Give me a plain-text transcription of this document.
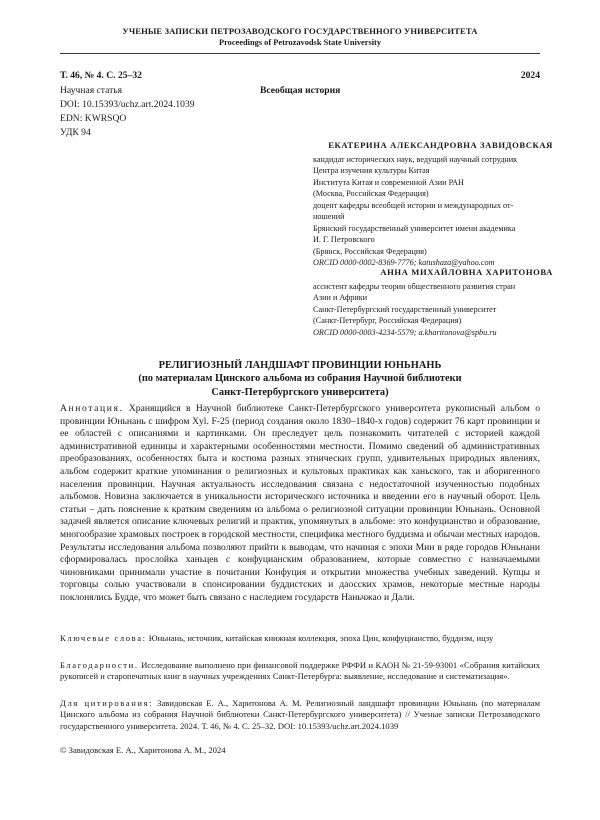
УЧЕНЫЕ ЗАПИСКИ ПЕТРОЗАВОДСКОГО ГОСУДАРСТВЕННОГО УНИВЕРСИТЕТА
Proceedings of Petrozavodsk State University
Т. 46, № 4. С. 25–32	2024
Научная статья	Всеобщая история
DOI: 10.15393/uchz.art.2024.1039
EDN: KWRSQO
УДК 94
ЕКАТЕРИНА АЛЕКСАНДРОВНА ЗАВИДОВСКАЯ
кандидат исторических наук, ведущий научный сотрудник
Центра изучения культуры Китая
Института Китая и современной Азии РАН
(Москва, Российская Федерация)
доцент кафедры всеобщей истории и международных от-
ношений
Брянский государственный университет имени академика
И. Г. Петровского
(Брянск, Российская Федерация)
ORCID 0000-0002-8369-7776; katushaza@yahoo.com
АННА МИХАЙЛОВНА ХАРИТОНОВА
ассистент кафедры теории общественного развития стран
Азии и Африки
Санкт-Петербургский государственный университет
(Санкт-Петербург, Российская Федерация)
ORCID 0000-0003-4234-5579; a.kharitonova@spbu.ru
РЕЛИГИОЗНЫЙ ЛАНДШАФТ ПРОВИНЦИИ ЮНЬНАНЬ
(по материалам Цинского альбома из собрания Научной библиотеки
Санкт-Петербургского университета)
Аннотация. Хранящийся в Научной библиотеке Санкт-Петербургского университета рукописный альбом о провинции Юньнань с шифром Xyl. F-25 (период создания около 1830–1840-х годов) содержит 76 карт провинции и ее областей с описаниями и картинками. Он преследует цель познакомить читателей с историей каждой административной единицы и характерными особенностями местности. Помимо сведений об административных преобразованиях, особенностях быта и костюма разных этнических групп, удивительных природных явлениях, альбом содержит краткие упоминания о религиозных и культовых практиках как ханьского, так и аборигенного населения провинции. Научная актуальность исследования связана с недостаточной изученностью подобных альбомов. Новизна заключается в уникальности исторического источника и введении его в научный оборот. Цель статьи – дать пояснение к кратким сведениям из альбома о религиозной ситуации провинции Юньнань. Основной задачей является описание ключевых религий и практик, упомянутых в альбоме: это конфуцианство и образование, многообразие храмовых построек в городской местности, специфика местного буддизма и обычаи местных народов. Результаты исследования альбома позволяют прийти к выводам, что начиная с эпохи Мин в ряде городов Юньнани сформировалась прослойка ханьцев с конфуцианским образованием, которые совместно с назначаемыми чиновниками принимали участие в почитании Конфуция и открытии множества учебных заведений. Купцы и торговцы солью участвовали в спонсировании буддистских и даосских храмов, некоторые местные народы поклонялись Будде, что может быть связано с наследием государств Наньчжао и Дали.
Ключевые слова: Юньнань, источник, китайская книжная коллекция, эпоха Цин, конфуцианство, буддизм, ицзу
Благодарности. Исследование выполнено при финансовой поддержке РФФИ и КАОН № 21-59-93001 «Собрания китайских рукописей и старопечатных книг в научных учреждениях Санкт-Петербурга: выявление, исследование и систематизация».
Для цитирования: Завидовская Е. А., Харитонова А. М. Религиозный ландшафт провинции Юньнань (по материалам Цинского альбома из собрания Научной библиотеки Санкт-Петербургского университета) // Ученые записки Петрозаводского государственного университета. 2024. Т. 46, № 4. С. 25–32. DOI: 10.15393/uchz.art.2024.1039
© Завидовская Е. А., Харитонова А. М., 2024
